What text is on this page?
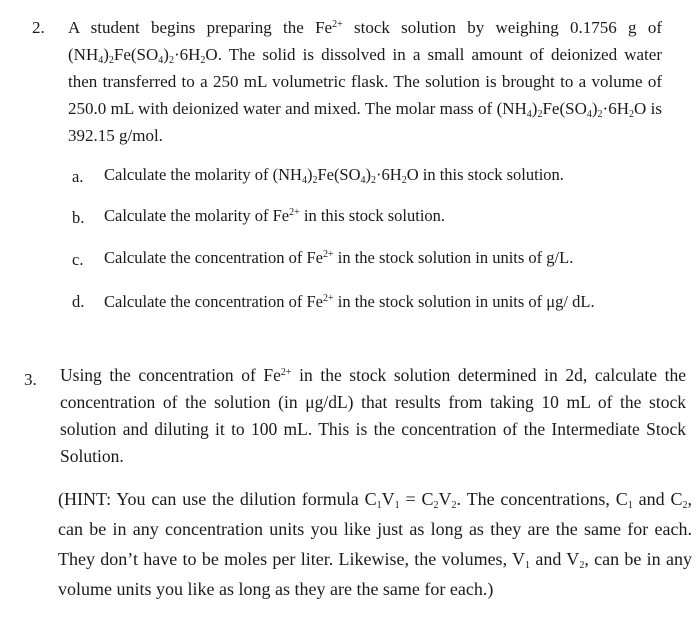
2. A student begins preparing the $Fe^{2+}$ stock solution by weighing 0.1756 g of $(NH_4)_2Fe(SO_4)_2\cdot 6H_2O$. The solid is dissolved in a small amount of deionized water then transferred to a 250 mL volumetric flask. The solution is brought to a volume of 250.0 mL with deionized water and mixed. The molar mass of $(NH_4)_2Fe(SO_4)_2\cdot 6H_2O$ is 392.15 g/mol.
a. Calculate the molarity of $(NH_4)_2Fe(SO_4)_2\cdot 6H_2O$ in this stock solution.
b. Calculate the molarity of $Fe^{2+}$ in this stock solution.
c. Calculate the concentration of $Fe^{2+}$ in the stock solution in units of g/L.
d. Calculate the concentration of $Fe^{2+}$ in the stock solution in units of μg/ dL.
3. Using the concentration of $Fe^{2+}$ in the stock solution determined in 2d, calculate the concentration of the solution (in μg/dL) that results from taking 10 mL of the stock solution and diluting it to 100 mL. This is the concentration of the Intermediate Stock Solution.
(HINT: You can use the dilution formula $C_1V_1 = C_2V_2$. The concentrations, $C_1$ and $C_2$, can be in any concentration units you like just as long as they are the same for each. They don’t have to be moles per liter. Likewise, the volumes, $V_1$ and $V_2$, can be in any volume units you like as long as they are the same for each.)
